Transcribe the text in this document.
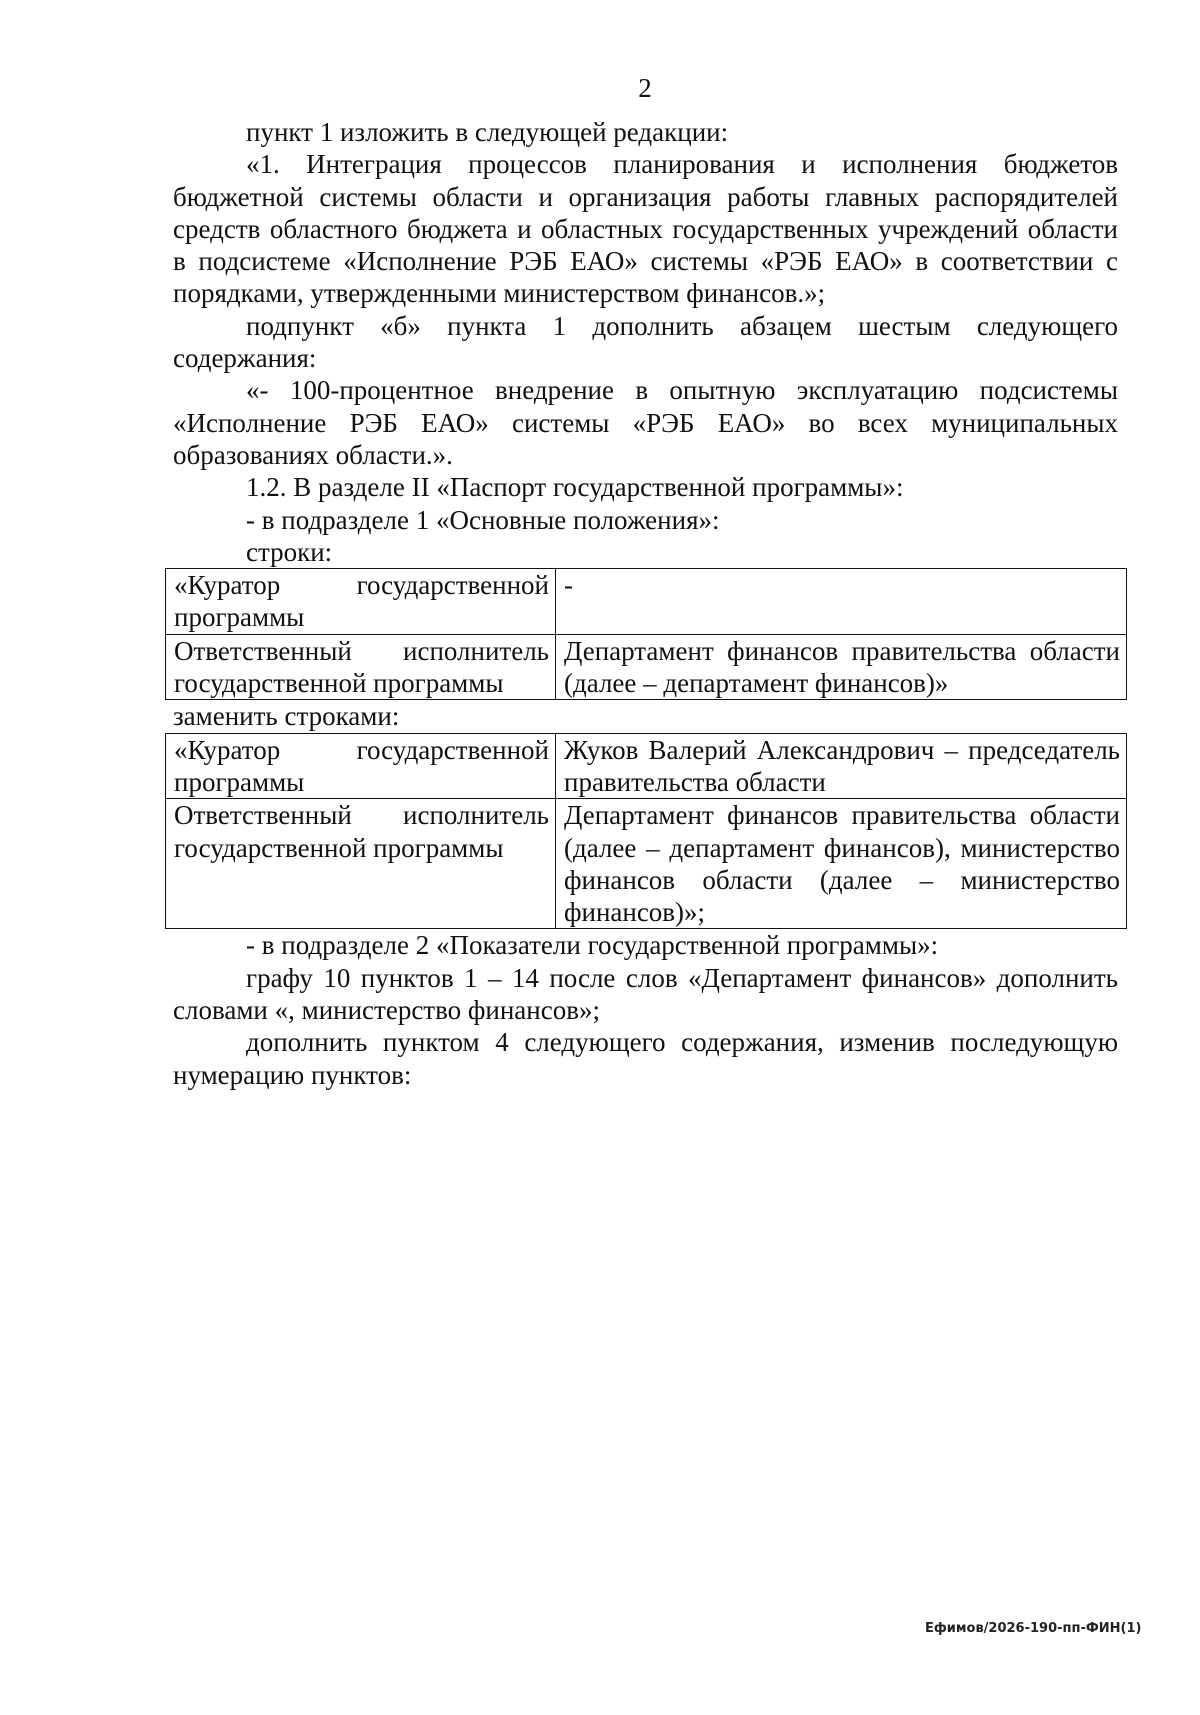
2

пункт 1 изложить в следующей редакции:

«1. Интеграция процессов планирования и исполнения бюджетов бюджетной системы области и организация работы главных распорядителей средств областного бюджета и областных государственных учреждений области в подсистеме «Исполнение РЭБ ЕАО» системы «РЭБ ЕАО» в соответствии с порядками, утвержденными министерством финансов.»;

подпункт «б» пункта 1 дополнить абзацем шестым следующего содержания:

«- 100-процентное внедрение в опытную эксплуатацию подсистемы «Исполнение РЭБ ЕАО» системы «РЭБ ЕАО» во всех муниципальных образованиях области.».

1.2. В разделе II «Паспорт государственной программы»:

- в подразделе 1 «Основные положения»:

строки:

«Куратор государственной программы	-
Ответственный исполнитель государственной программы	Департамент финансов правительства области (далее – департамент финансов)»

заменить строками:

«Куратор государственной программы	Жуков Валерий Александрович – председатель правительства области
Ответственный исполнитель государственной программы	Департамент финансов правительства области (далее – департамент финансов), министерство финансов области (далее – министерство финансов)»;

- в подразделе 2 «Показатели государственной программы»:

графу 10 пунктов 1 – 14 после слов «Департамент финансов» дополнить словами «, министерство финансов»;

дополнить пунктом 4 следующего содержания, изменив последующую нумерацию пунктов:

Ефимов/2026-190-пп-ФИН(1)
